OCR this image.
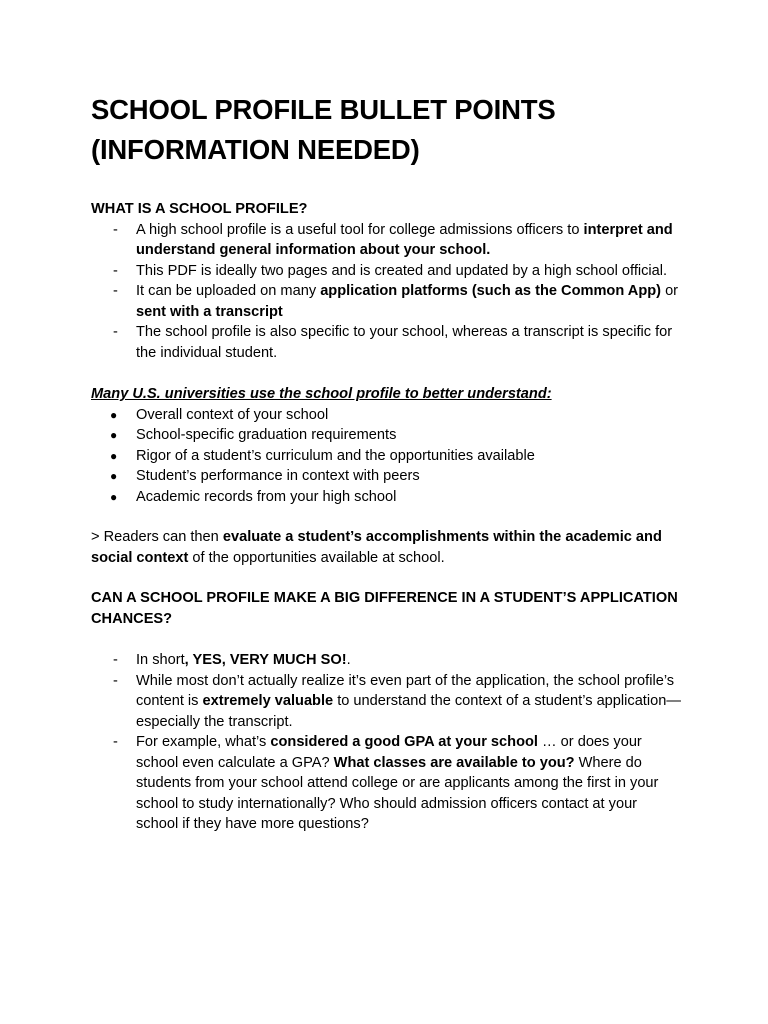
SCHOOL PROFILE BULLET POINTS
(INFORMATION NEEDED)
WHAT IS A SCHOOL PROFILE?
- A high school profile is a useful tool for college admissions officers to interpret and understand general information about your school.
- This PDF is ideally two pages and is created and updated by a high school official.
- It can be uploaded on many application platforms (such as the Common App) or sent with a transcript
- The school profile is also specific to your school, whereas a transcript is specific for the individual student.
Many U.S. universities use the school profile to better understand:
● Overall context of your school
● School-specific graduation requirements
● Rigor of a student’s curriculum and the opportunities available
● Student’s performance in context with peers
● Academic records from your high school
> Readers can then evaluate a student’s accomplishments within the academic and social context of the opportunities available at school.
CAN A SCHOOL PROFILE MAKE A BIG DIFFERENCE IN A STUDENT’S APPLICATION CHANCES?
- In short, YES, VERY MUCH SO!.
- While most don’t actually realize it’s even part of the application, the school profile’s content is extremely valuable to understand the context of a student’s application— especially the transcript.
- For example, what’s considered a good GPA at your school … or does your school even calculate a GPA? What classes are available to you? Where do students from your school attend college or are applicants among the first in your school to study internationally? Who should admission officers contact at your school if they have more questions?
